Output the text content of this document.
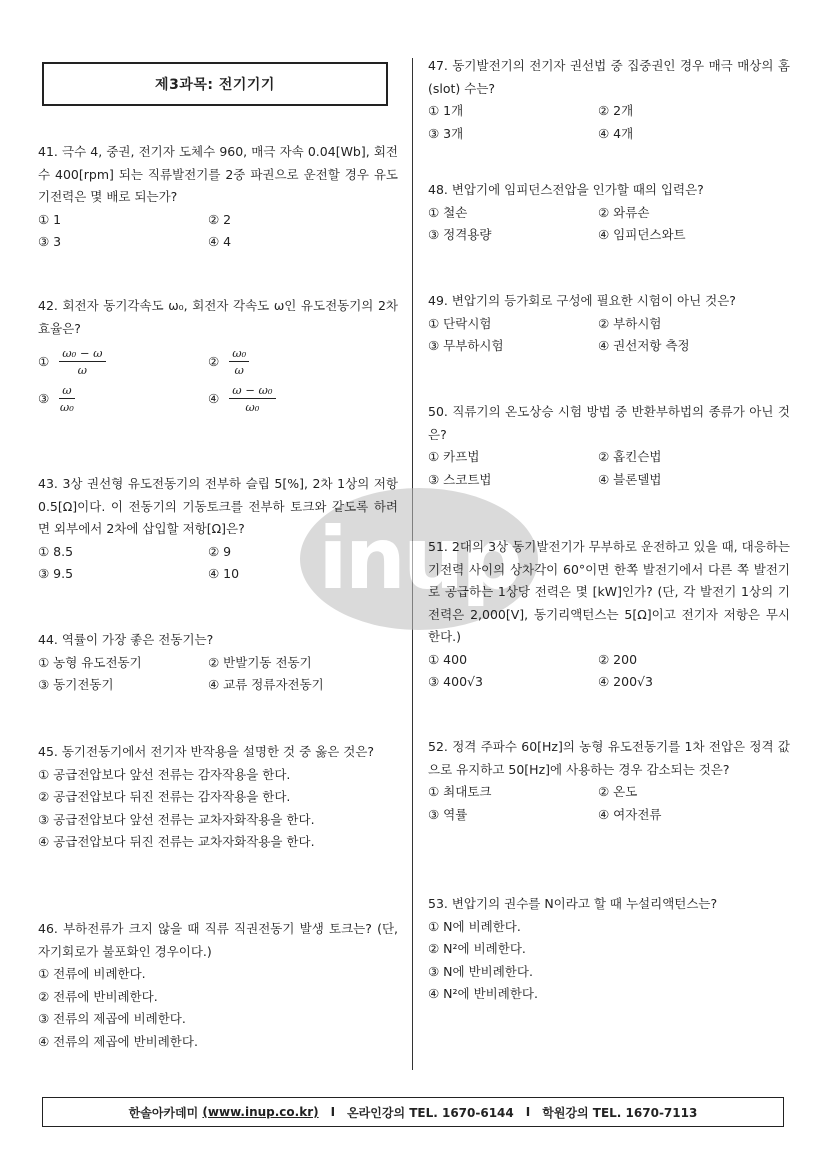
제3과목: 전기기기
inup

41. 극수 4, 중권, 전기자 도체수 960, 매극 자속 0.04[Wb], 회전수 400[rpm] 되는 직류발전기를 2중 파권으로 운전할 경우 유도기전력은 몇 배로 되는가?

① 1	② 2
③ 3	④ 4

42. 회전자 동기각속도 ω₀, 회전자 각속도 ω인 유도전동기의 2차 효율은?

① $\frac{\text{ω₀ − ω}}{\omega}$	② $\frac{\text{ω₀}}{\omega}$
③ $\frac{\omega}{\text{ω₀}}$	④ $\frac{\text{ω − ω₀}}{\text{ω₀}}$

43. 3상 권선형 유도전동기의 전부하 슬립 5[%], 2차 1상의 저항 0.5[Ω]이다. 이 전동기의 기동토크를 전부하 토크와 같도록 하려면 외부에서 2차에 삽입할 저항[Ω]은?

① 8.5	② 9
③ 9.5	④ 10

44. 역률이 가장 좋은 전동기는?

① 농형 유도전동기	② 반발기동 전동기
③ 동기전동기	④ 교류 정류자전동기

45. 동기전동기에서 전기자 반작용을 설명한 것 중 옳은 것은?

① 공급전압보다 앞선 전류는 감자작용을 한다.
② 공급전압보다 뒤진 전류는 감자작용을 한다.
③ 공급전압보다 앞선 전류는 교차자화작용을 한다.
④ 공급전압보다 뒤진 전류는 교차자화작용을 한다.

46. 부하전류가 크지 않을 때 직류 직권전동기 발생 토크는? (단, 자기회로가 불포화인 경우이다.)

① 전류에 비례한다.
② 전류에 반비례한다.
③ 전류의 제곱에 비례한다.
④ 전류의 제곱에 반비례한다.

47. 동기발전기의 전기자 권선법 중 집중권인 경우 매극 매상의 홈(slot) 수는?

① 1개	② 2개
③ 3개	④ 4개

48. 변압기에 임피던스전압을 인가할 때의 입력은?

① 철손	② 와류손
③ 정격용량	④ 임피던스와트

49. 변압기의 등가회로 구성에 필요한 시험이 아닌 것은?

① 단락시험	② 부하시험
③ 무부하시험	④ 권선저항 측정

50. 직류기의 온도상승 시험 방법 중 반환부하법의 종류가 아닌 것은?

① 카프법	② 홉킨슨법
③ 스코트법	④ 블론델법

51. 2대의 3상 동기발전기가 무부하로 운전하고 있을 때, 대응하는 기전력 사이의 상차각이 60°이면 한쪽 발전기에서 다른 쪽 발전기로 공급하는 1상당 전력은 몇 [kW]인가? (단, 각 발전기 1상의 기전력은 2,000[V], 동기리액턴스는 5[Ω]이고 전기자 저항은 무시한다.)

① 400	② 200
③ 400√3	④ 200√3

52. 정격 주파수 60[Hz]의 농형 유도전동기를 1차 전압은 정격 값으로 유지하고 50[Hz]에 사용하는 경우 감소되는 것은?

① 최대토크	② 온도
③ 역률	④ 여자전류

53. 변압기의 권수를 N이라고 할 때 누설리액턴스는?

① N에 비례한다.
② N²에 비례한다.
③ N에 반비례한다.
④ N²에 반비례한다.
한솔아카데미
(www.inup.co.kr) I 온라인강의 TEL. 1670-6144 I 학원강의 TEL. 1670-7113
